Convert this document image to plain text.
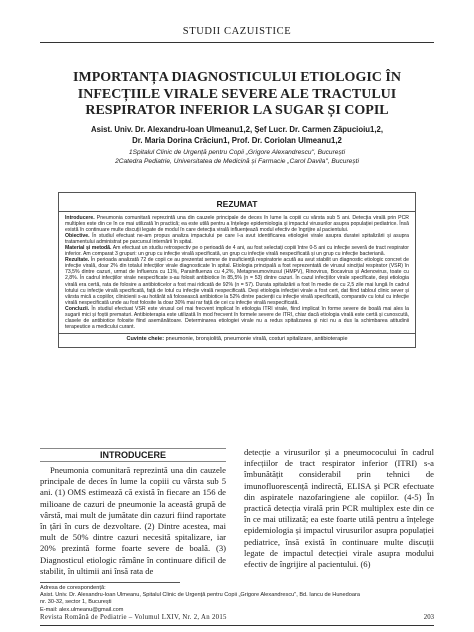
STUDII CAZUISTICE
IMPORTANȚA DIAGNOSTICULUI ETIOLOGIC ÎN INFECȚIILE VIRALE SEVERE ALE TRACTULUI RESPIRATOR INFERIOR LA SUGAR ȘI COPIL
Asist. Univ. Dr. Alexandru-Ioan Ulmeanu1,2, Șef Lucr. Dr. Carmen Zăpucioiu1,2,
Dr. Maria Dorina Crăciun1, Prof. Dr. Coriolan Ulmeanu1,2
1Spitalul Clinic de Urgență pentru Copii „Grigore Alexandrescu", București
2Catedra Pediatrie, Universitatea de Medicină și Farmacie „Carol Davila", București
REZUMAT

Introducere. Pneumonia comunitară reprezintă una din cauzele principale de deces în lume la copiii cu vârsta sub 5 ani. Detecția virală prin PCR multiplex este din ce în ce mai utilizată în practică; ea este utilă pentru a înțelege epidemiologia și impactul virusurilor asupra populației pediatrice. Însă există în continuare multe discuții legate de modul în care detecția virală influențează modul efectiv de îngrijire al pacientului.

Obiective. În studiul efectuat ne-am propus analiza impactului pe care l-a avut identificarea etiologiei virale asupra duratei spitalizării și asupra tratamentului administrat pe parcursul internării în spital.

Material și metodă. Am efectuat un studiu retrospectiv pe o perioadă de 4 ani, au fost selectați copiii între 0-5 ani cu infecție severă de tract respirator inferior. Am comparat 3 grupuri: un grup cu infecție virală specificată, un grup cu infecție virală nespecificată și un grup cu infecție bacteriană.

Rezultate. În perioada analizată 72 de copii ce au prezentat semne de insuficiență respiratorie acută au avut stabilit un diagnostic etiologic concret de infecție virală, doar 2% din totalul infecțiilor virale diagnosticate în spital. Etiologia principală a fost reprezentată de virusul sincițial respirator (VSR) în 73,5% dintre cazuri, urmat de Influenza cu 11%, Parainfluenza cu 4,2%, Metapneumovirusul (HMPV), Rinovirus, Bocavirus și Adenovirus, toate cu 2,8%. În cadrul infecțiilor virale nespecificate s-au folosit antibiotice în 85,5% (n = 53) dintre cazuri. În cazul infecțiilor virale specificate, deși etiologia virală era certă, rata de folosire a antibioticelor a fost mai ridicată de 92% (n = 57). Durata spitalizării a fost în medie de cu 2,5 zile mai lungă în cadrul lotului cu infecție virală specificată, față de lotul cu infecție virală nespecificată. Deși etiologia infecției virale a fost cert, dat fiind tabloul clinic sever și vârsta mică a copiilor, clinicienii s-au hotărât să folosească antibiotice la 52% dintre pacienții cu infecție virală specificată, comparativ cu lotul cu infecție virală nespecificată unde au fost folosite la doar 30% mai rar față de cei cu infecție virală nespecificată.

Concluzii. În studiul efectuat VSR este virusul cel mai frecvent implicat în etiologia ITRI virale, fiind implicat în forme severe de boală mai ales la sugarii mici și foștii prematuri. Antibioterapia este utilizată în mod frecvent în formele severe de ITRI, chiar dacă etiologia virală este certă și cunoscută, clasele de antibiotice folosite fiind asemănătoare. Determinarea etiologiei virale nu a redus spitalizarea și nici nu a dus la schimbarea atitudinii terapeutice a medicului curant.

Cuvinte cheie: pneumonie, bronșiolită, pneumonie virală, costuri spitalizare, antibioterapie
INTRODUCERE

Pneumonia comunitară reprezintă una din cauzele principale de deces în lume la copiii cu vârsta sub 5 ani. (1) OMS estimează că există în fiecare an 156 de milioane de cazuri de pneumonie la această grupă de vârstă, mai mult de jumătate din cazuri fiind raportate în țări în curs de dezvoltare. (2) Dintre acestea, mai mult de 50% dintre cazuri necesită spitalizare, iar 20% prezintă forme foarte severe de boală. (3) Diagnosticul etiologic rămâne în continuare dificil de stabilit, în ultimii ani însă rata de

detecție a virusurilor și a pneumococului în cadrul infecțiilor de tract respirator inferior (ITRI) s-a îmbunătățit considerabil prin tehnici de imunofluorescență indirectă, ELISA și PCR efectuate din aspiratele nazofaringiene ale copiilor. (4-5) În practică detecția virală prin PCR multiplex este din ce în ce mai utilizată; ea este foarte utilă pentru a înțelege epidemiologia și impactul virusurilor asupra populației pediatrice, însă există în continuare multe discuții legate de impactul detecției virale asupra modului efectiv de îngrijire al pacientului. (6)

Adresa de corespondență:
Asist. Univ. Dr. Alexandru-Ioan Ulmeanu, Spitalul Clinic de Urgență pentru Copii „Grigore Alexandrescu", Bd. Iancu de Hunedoara
nr. 30-32, sector 1, București
E-mail: alex.ulmeanu@gmail.com
Revista Română de Pediatrie – Volumul LXIV, Nr. 2, An 2015	203
